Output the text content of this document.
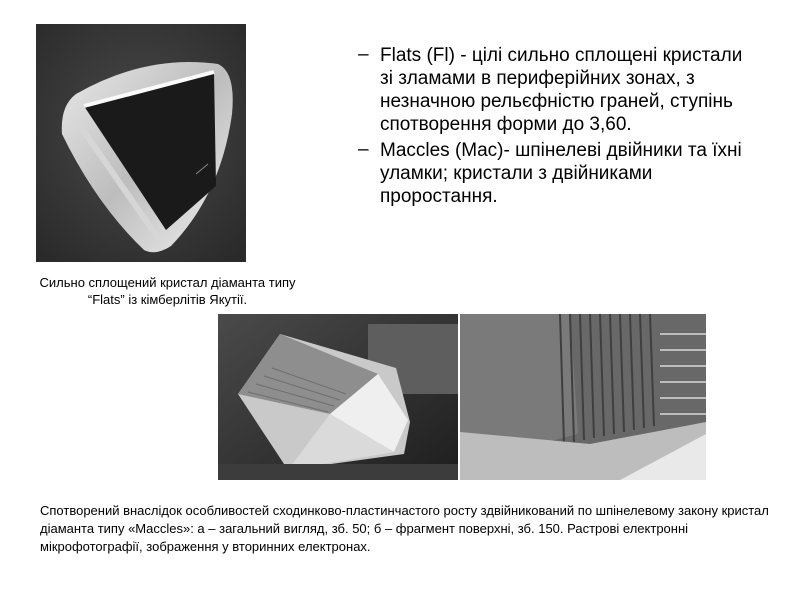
– Flats (Fl) - цілі сильно сплощені кристали зі зламами в периферійних зонах, з незначною рельєфністю граней, ступінь спотворення форми до 3,60.
– Maccles (Mac)- шпінелеві двійники та їхні уламки; кристали з двійниками проростання.
Сильно сплощений кристал діаманта типу “Flats” із кімберлітів Якутії.
Спотворений внаслідок особливостей сходинково-пластинчастого росту здвійникований по шпінелевому закону кристал діаманта типу «Maccles»: а – загальний вигляд, зб. 50; б – фрагмент поверхні, зб. 150. Растрові електронні мікрофотографії, зображення у вторинних електронах.
